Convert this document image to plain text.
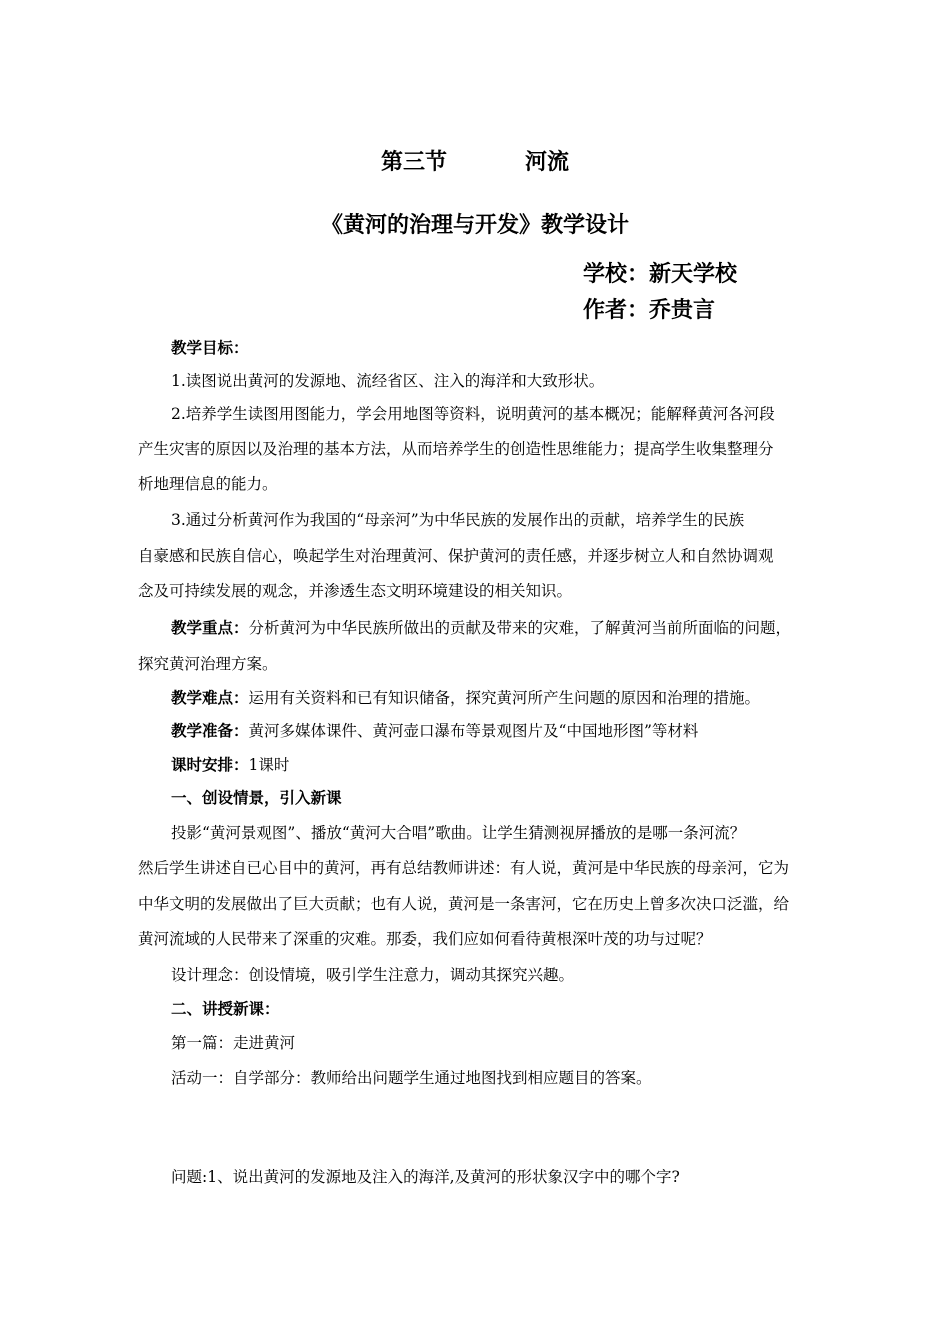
第三节	河流
《黄河的治理与开发》教学设计
学校：新天学校
作者：乔贵言
教学目标：
1.读图说出黄河的发源地、流经省区、注入的海洋和大致形状。
2.培养学生读图用图能力，学会用地图等资料，说明黄河的基本概况；能解释黄河各河段
产生灾害的原因以及治理的基本方法，从而培养学生的创造性思维能力；提高学生收集整理分
析地理信息的能力。
3.通过分析黄河作为我国的“母亲河”为中华民族的发展作出的贡献，培养学生的民族
自豪感和民族自信心，唤起学生对治理黄河、保护黄河的责任感，并逐步树立人和自然协调观
念及可持续发展的观念，并渗透生态文明环境建设的相关知识。
教学重点：分析黄河为中华民族所做出的贡献及带来的灾难，了解黄河当前所面临的问题，
探究黄河治理方案。
教学难点：运用有关资料和已有知识储备，探究黄河所产生问题的原因和治理的措施。
教学准备：黄河多媒体课件、黄河壶口瀑布等景观图片及“中国地形图”等材料
课时安排：1课时
一、创设情景，引入新课
投影“黄河景观图”、播放“黄河大合唱”歌曲。让学生猜测视屏播放的是哪一条河流？
然后学生讲述自已心目中的黄河，再有总结教师讲述：有人说，黄河是中华民族的母亲河，它为
中华文明的发展做出了巨大贡献；也有人说，黄河是一条害河，它在历史上曾多次决口泛滥，给
黄河流域的人民带来了深重的灾难。那委，我们应如何看待黄根深叶茂的功与过呢？
设计理念：创设情境，吸引学生注意力，调动其探究兴趣。
二、讲授新课：
第一篇：走进黄河
活动一：自学部分：教师给出问题学生通过地图找到相应题目的答案。
问题:1、说出黄河的发源地及注入的海洋,及黄河的形状象汉字中的哪个字?
